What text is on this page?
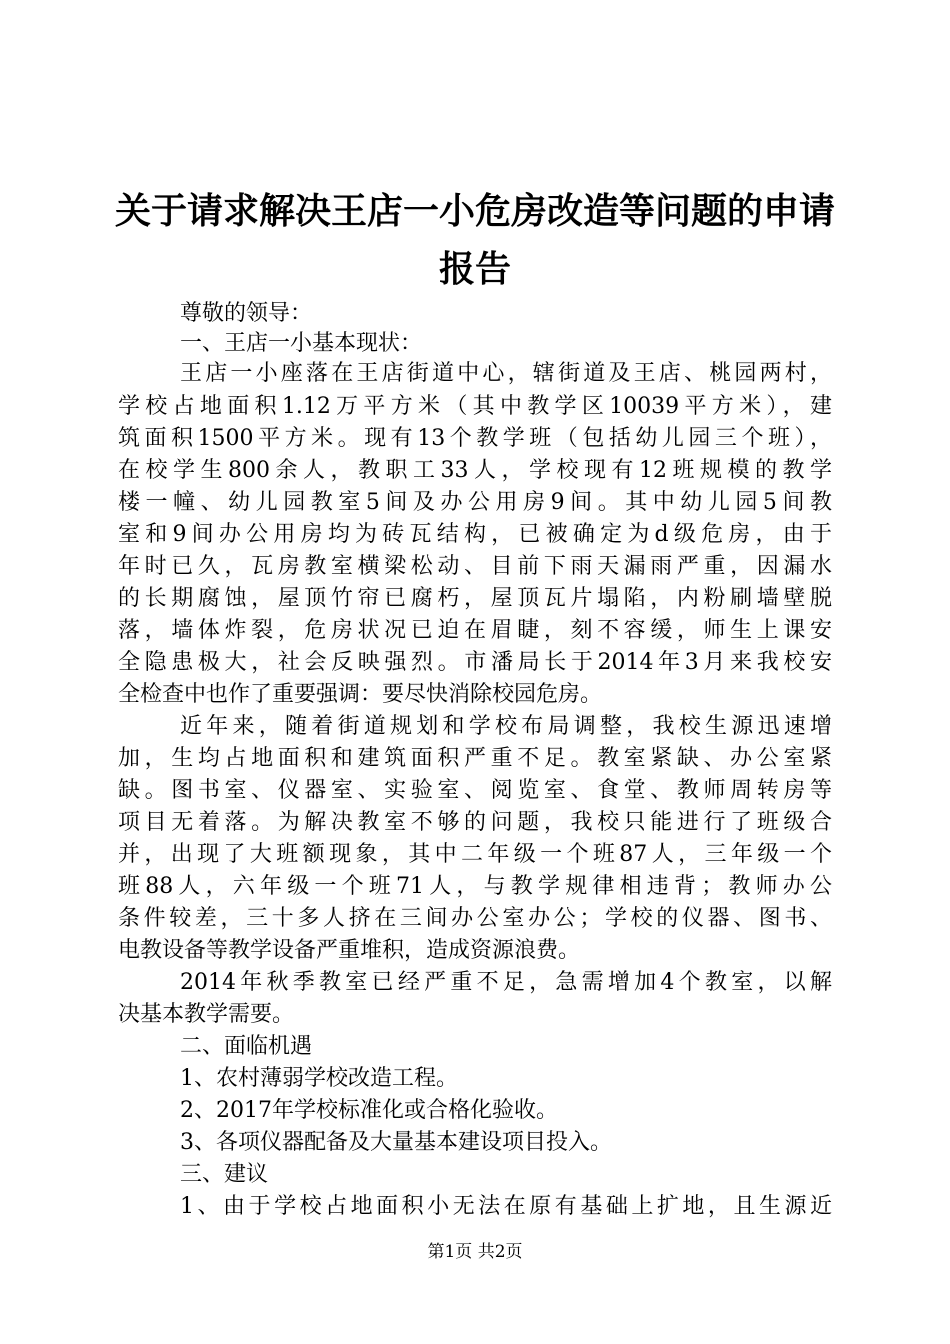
关于请求解决王店一小危房改造等问题的申请
报告
尊敬的领导：
一、王店一小基本现状：
王店一小座落在王店街道中心，辖街道及王店、桃园两村，
学校占地面积1.12万平方米（其中教学区10039平方米），建
筑面积1500平方米。现有13个教学班（包括幼儿园三个班），
在校学生800余人，教职工33人，学校现有12班规模的教学
楼一幢、幼儿园教室5间及办公用房9间。其中幼儿园5间教
室和9间办公用房均为砖瓦结构，已被确定为d级危房，由于
年时已久，瓦房教室横梁松动、目前下雨天漏雨严重，因漏水
的长期腐蚀，屋顶竹帘已腐朽，屋顶瓦片塌陷，内粉刷墙壁脱
落，墙体炸裂，危房状况已迫在眉睫，刻不容缓，师生上课安
全隐患极大，社会反映强烈。市潘局长于2014年3月来我校安
全检查中也作了重要强调：要尽快消除校园危房。
近年来，随着街道规划和学校布局调整，我校生源迅速增
加，生均占地面积和建筑面积严重不足。教室紧缺、办公室紧
缺。图书室、仪器室、实验室、阅览室、食堂、教师周转房等
项目无着落。为解决教室不够的问题，我校只能进行了班级合
并，出现了大班额现象，其中二年级一个班87人，三年级一个
班88人，六年级一个班71人，与教学规律相违背；教师办公
条件较差，三十多人挤在三间办公室办公；学校的仪器、图书、
电教设备等教学设备严重堆积，造成资源浪费。
2014年秋季教室已经严重不足，急需增加4个教室，以解
决基本教学需要。
二、面临机遇
1、农村薄弱学校改造工程。
2、2017年学校标准化或合格化验收。
3、各项仪器配备及大量基本建设项目投入。
三、建议
1、由于学校占地面积小无法在原有基础上扩地，且生源近
第1页 共2页
